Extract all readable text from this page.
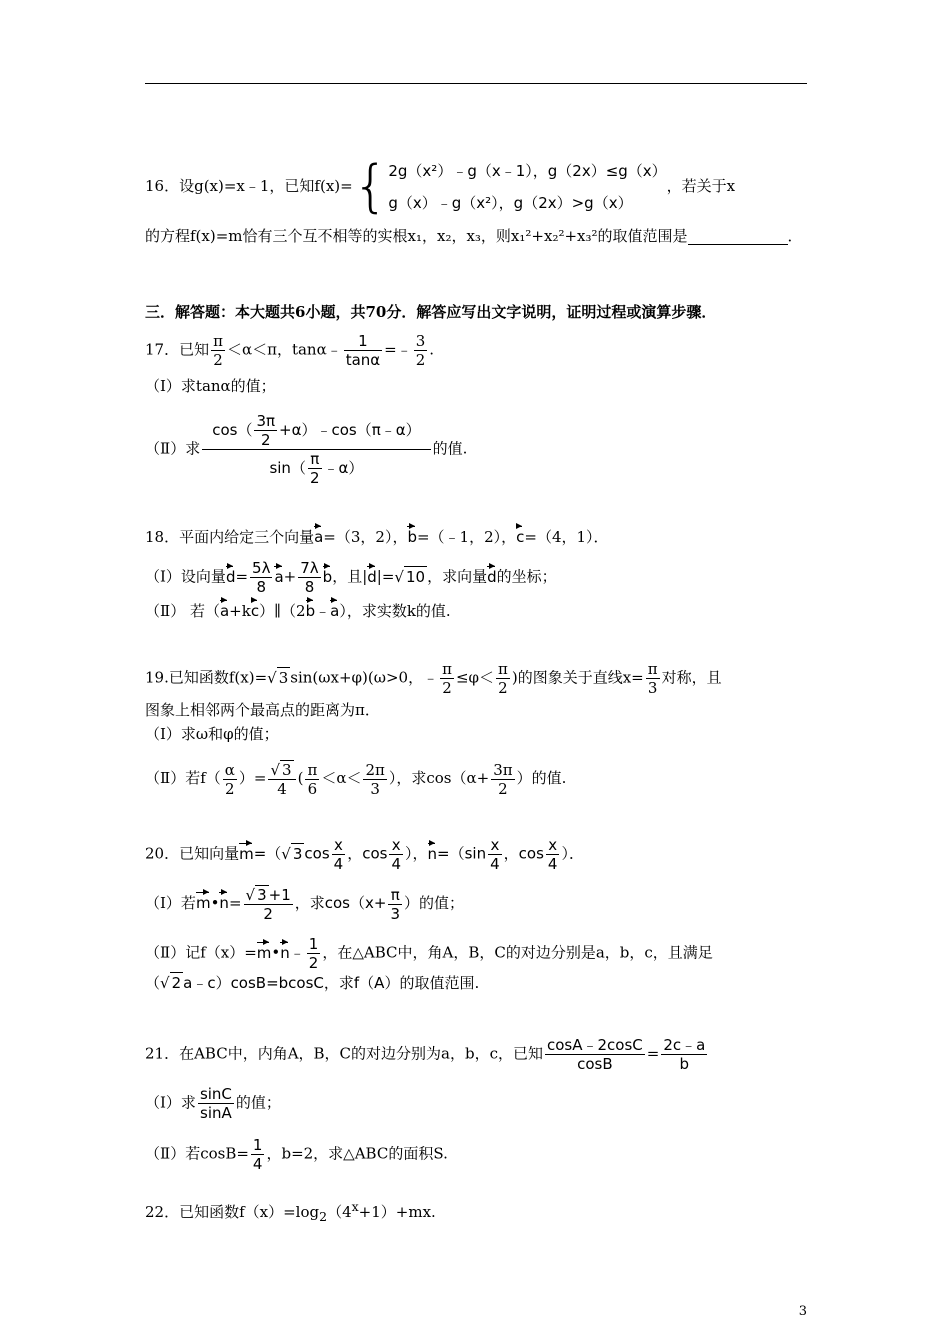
16．设g(x)=x﹣1，已知f(x)={ 2g（x²）﹣g（x﹣1），g（2x）≤g（x）
g（x）﹣g（x²），g（2x）>g（x）
，若关于x
的方程f(x)=m恰有三个互不相等的实根x₁，x₂，x₃，则x₁²+x₂²+x₃²的取值范围是	．
三．解答题：本大题共6小题，共70分．解答应写出文字说明，证明过程或演算步骤．
17．已知 $\frac{\pi}{2} <\alpha<\pi$，tanα﹣ $\frac{1}{\tan\alpha}$ =﹣ $\frac{3}{2}$ .
（Ⅰ）求tanα的值；
（Ⅱ）求 $\frac{\cos( \frac{3\pi}{2} +\alpha)﹣\cos(\pi﹣\alpha)}{\sin( \frac{\pi}{2} ﹣\alpha)}$ 的值.
18．平面内给定三个向量a=（3，2），b=（﹣1，2），c=（4，1）．
（Ⅰ）设向量$d= \frac{5\lambda}{8} a+ \frac{7\lambda}{8}$ b，且|d|=√ 10 ，求向量d的坐标；
（Ⅱ） 若（a+kc）∥（2b﹣a），求实数k的值.
19.已知函数f(x)=√ 3 sin(ωx+φ)(ω>0，﹣ $\frac{\pi}{2} \le\varphi< \frac{\pi}{2}$ )的图象关于直线$x= \frac{\pi}{3}$ 对称，且
图象上相邻两个最高点的距离为π．
（Ⅰ）求ω和φ的值；
（Ⅱ）若$f( \frac{\alpha}{2}$ ）= $\frac{√ 3}{4}$ ( $\frac{\pi}{6} <\alpha< \frac{2\pi}{3}$ ），求$\cos(\alpha+ \frac{3\pi}{2}$ ）的值.
20．已知向量m=（√ 3 $\cos \frac{x}{4}$ ，$\cos \frac{x}{4}$ ），$n=(\sin \frac{x}{4}$ ，$\cos \frac{x}{4}$ ）．
（Ⅰ）若m•n= $\frac{√ 3 +1}{2}$ ，求$\cos(x+ \frac{\pi}{3}$ ）的值；
（Ⅱ）记f（x）=m•n﹣ $\frac{1}{2}$ ，在△ABC中，角A，B，C的对边分别是a，b，c，且满足
（√ 2 a﹣c）cosB=bcosC，求f（A）的取值范围.
21．在ABC中，内角A，B，C的对边分别为a，b，c，已知 $\frac{\cos A﹣2\cos C}{\cos B} = \frac{2c﹣a}{b}$
（Ⅰ）求 $\frac{\sin C}{\sin A}$ 的值；
（Ⅱ）若$\cos B= \frac{1}{4}$ ，b=2，求△ABC的面积S.
22．已知函数$f(x)=\log_2(4^x+1)+mx$.
3
